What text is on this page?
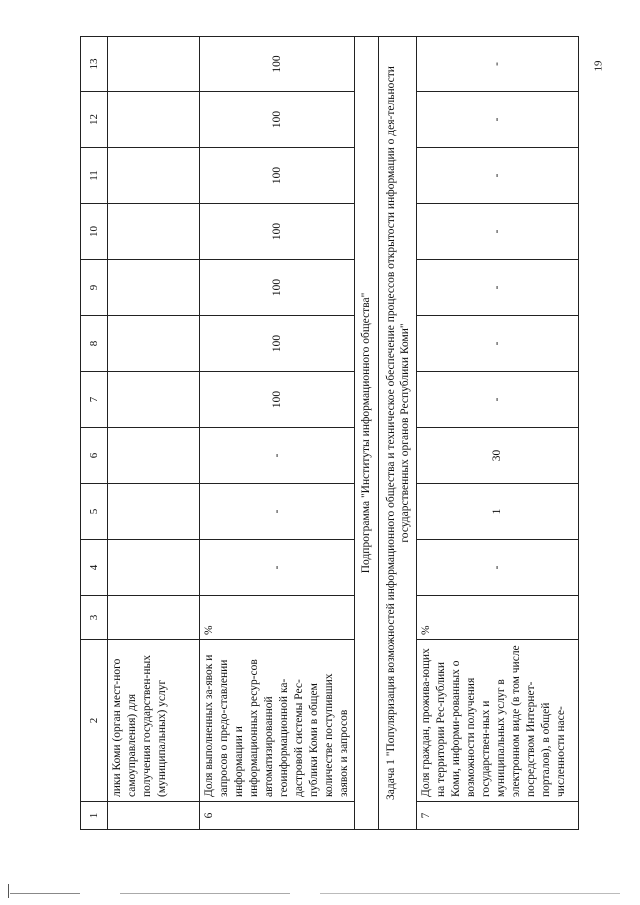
1	2	3	4	5	6	7	8	9	10	11	12	13
	лики Коми (орган мест-ного самоуправления) для получения государствен-ных (муниципальных) услуг											
6	Доля выполненных за-явок и запросов о предо-ставлении информации и информационных ресур-сов автоматизированной геоинформационной ка-дастровой системы Рес-публики Коми в общем количестве поступивших заявок и запросов	%	-	-	-	100	100	100	100	100	100	100
Подпрограмма "Институты информационного общества"												
Задача 1 "Популяризация возможностей информационного общества и техническое обеспечение процессов открытости информации о дея-тельности государственных органов Республики Коми"												
7	Доля граждан, прожива-ющих на территории Рес-публики Коми, информи-рованных о возможности получения государствен-ных и муниципальных услуг в электронном виде (в том числе посредством Интернет-порталов), в общей численности насе-	%	-	1	30	-	-	-	-	-	-	-	19
